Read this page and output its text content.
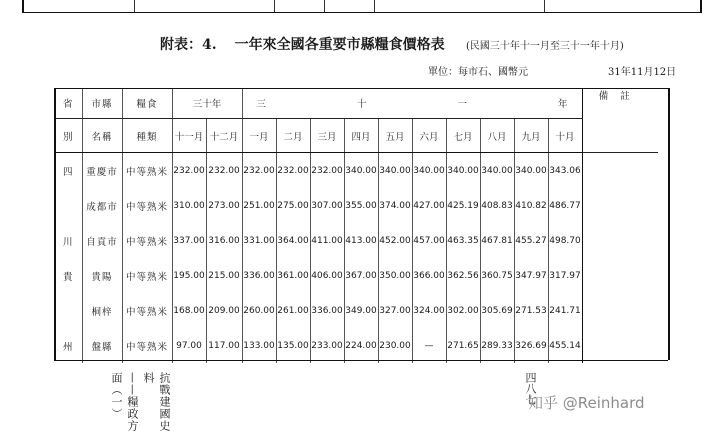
附表：4. 一年來全國各重要市縣糧食價格表 (民國三十年十一月至三十一年十月)
單位：每市石、國幣元	31年11月12日
省	市縣	糧食	三十年		三 十 一 年										備註
別	名稱	種類	十一月	十二月	一月	二月	三月	四月	五月	六月	七月	八月	九月	十月	
四	重慶市	中等熟米	232.00	232.00	232.00	232.00	232.00	340.00	340.00	340.00	340.00	340.00	340.00	343.06	
	成都市	中等熟米	310.00	273.00	251.00	275.00	307.00	355.00	374.00	427.00	425.19	408.83	410.82	486.77	
川	自貢市	中等熟米	337.00	316.00	331.00	364.00	411.00	413.00	452.00	457.00	463.35	467.81	455.27	498.70	
貴	貴陽	中等熟米	195.00	215.00	336.00	361.00	406.00	367.00	350.00	366.00	362.56	360.75	347.97	317.97	
	桐梓	中等熟米	168.00	209.00	260.00	261.00	336.00	349.00	327.00	324.00	302.00	305.69	271.53	241.71	
州	盤縣	中等熟米	97.00	117.00	133.00	135.00	233.00	224.00	230.00	—	271.65	289.33	326.69	455.14	
抗戰建國史料
——糧政方面（一）	四八七
知乎 @Reinhard
